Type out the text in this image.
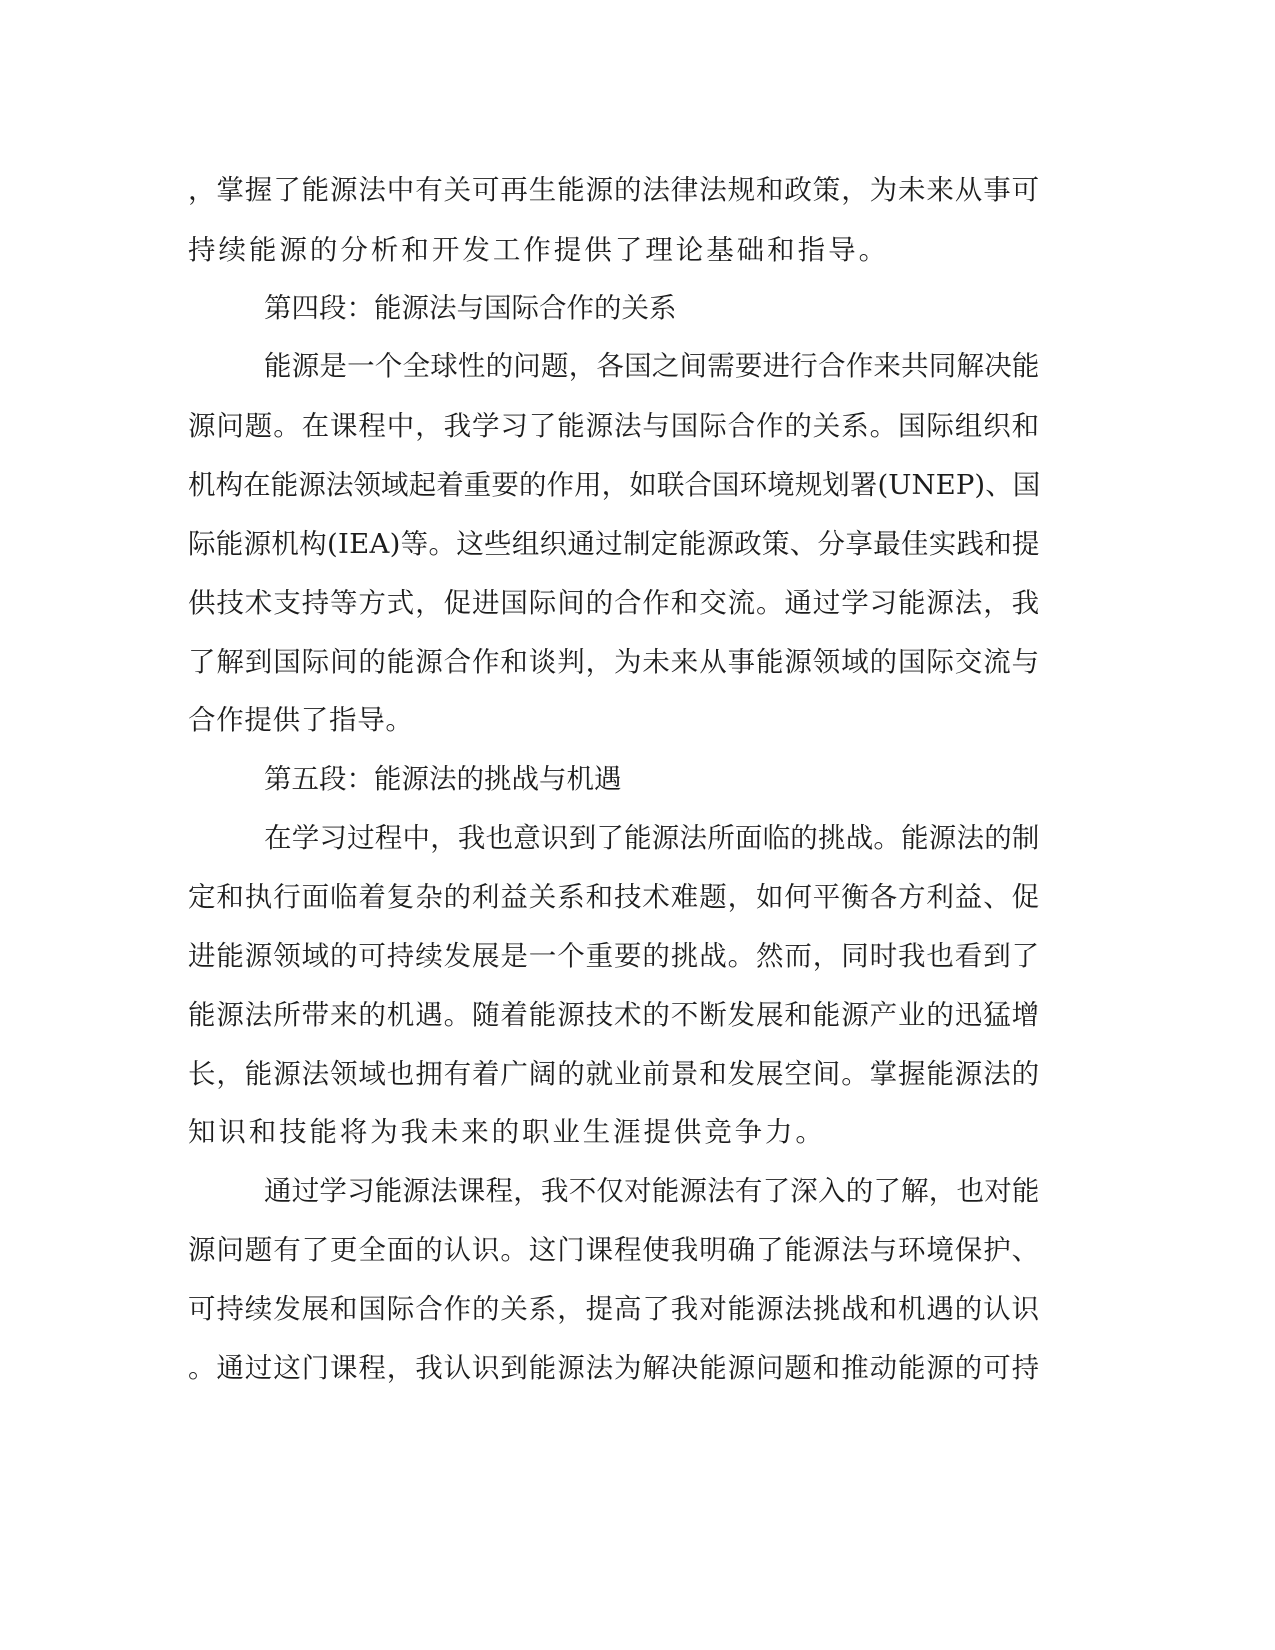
，掌握了能源法中有关可再生能源的法律法规和政策，为未来从事可
持续能源的分析和开发工作提供了理论基础和指导。
第四段：能源法与国际合作的关系
能源是一个全球性的问题，各国之间需要进行合作来共同解决能
源问题。在课程中，我学习了能源法与国际合作的关系。国际组织和
机构在能源法领域起着重要的作用，如联合国环境规划署(UNEP)、国
际能源机构(IEA)等。这些组织通过制定能源政策、分享最佳实践和提
供技术支持等方式，促进国际间的合作和交流。通过学习能源法，我
了解到国际间的能源合作和谈判，为未来从事能源领域的国际交流与
合作提供了指导。
第五段：能源法的挑战与机遇
在学习过程中，我也意识到了能源法所面临的挑战。能源法的制
定和执行面临着复杂的利益关系和技术难题，如何平衡各方利益、促
进能源领域的可持续发展是一个重要的挑战。然而，同时我也看到了
能源法所带来的机遇。随着能源技术的不断发展和能源产业的迅猛增
长，能源法领域也拥有着广阔的就业前景和发展空间。掌握能源法的
知识和技能将为我未来的职业生涯提供竞争力。
通过学习能源法课程，我不仅对能源法有了深入的了解，也对能
源问题有了更全面的认识。这门课程使我明确了能源法与环境保护、
可持续发展和国际合作的关系，提高了我对能源法挑战和机遇的认识
。通过这门课程，我认识到能源法为解决能源问题和推动能源的可持
